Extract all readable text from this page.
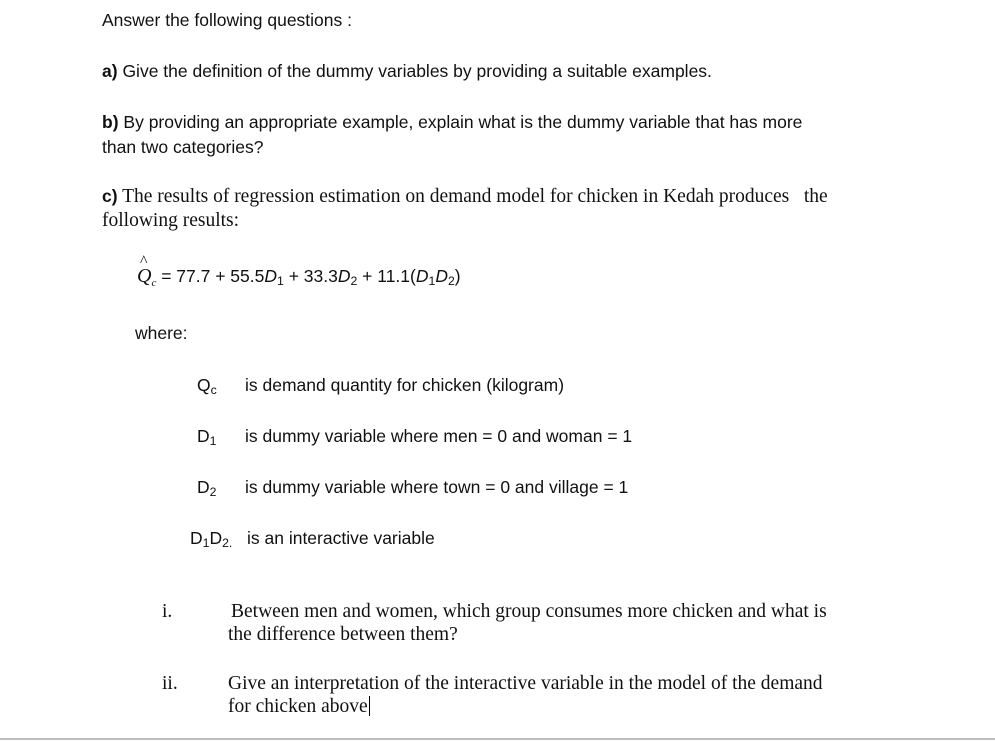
Answer the following questions :
a) Give the definition of the dummy variables by providing a suitable examples.
b) By providing an appropriate example, explain what is the dummy variable that has more
than two categories?
c) The results of regression estimation on demand model for chicken in Kedah produces   the
following results:
^
$Qc = 77.7 + 55.5D_1 + 33.3D_2 + 11.1(D_1D_2)$
where:
$Q_c$ is demand quantity for chicken (kilogram)
$D_1$ is dummy variable where men = 0 and woman = 1
$D_2$ is dummy variable where town = 0 and village = 1
$D_1D_{2.}$ is an interactive variable
i.	Between men and women, which group consumes more chicken and what is
the difference between them?
ii.	Give an interpretation of the interactive variable in the model of the demand
for chicken above
